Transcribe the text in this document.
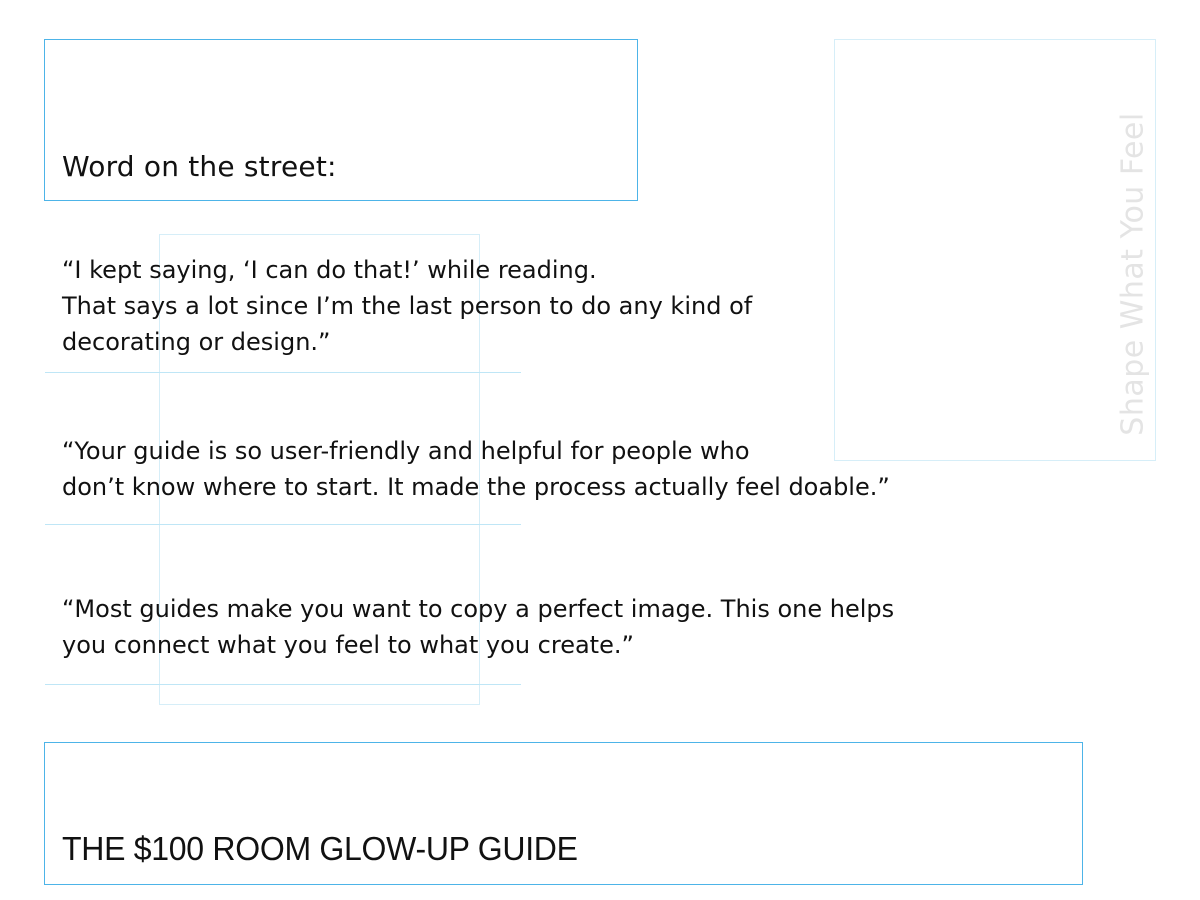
Word on the street:	Shape What You Feel

“I kept saying, ‘I can do that!’ while reading.
That says a lot since I’m the last person to do any kind of
decorating or design.”

“Your guide is so user-friendly and helpful for people who
don’t know where to start. It made the process actually feel doable.”

“Most guides make you want to copy a perfect image. This one helps
you connect what you feel to what you create.”

THE $100 ROOM GLOW-UP GUIDE
